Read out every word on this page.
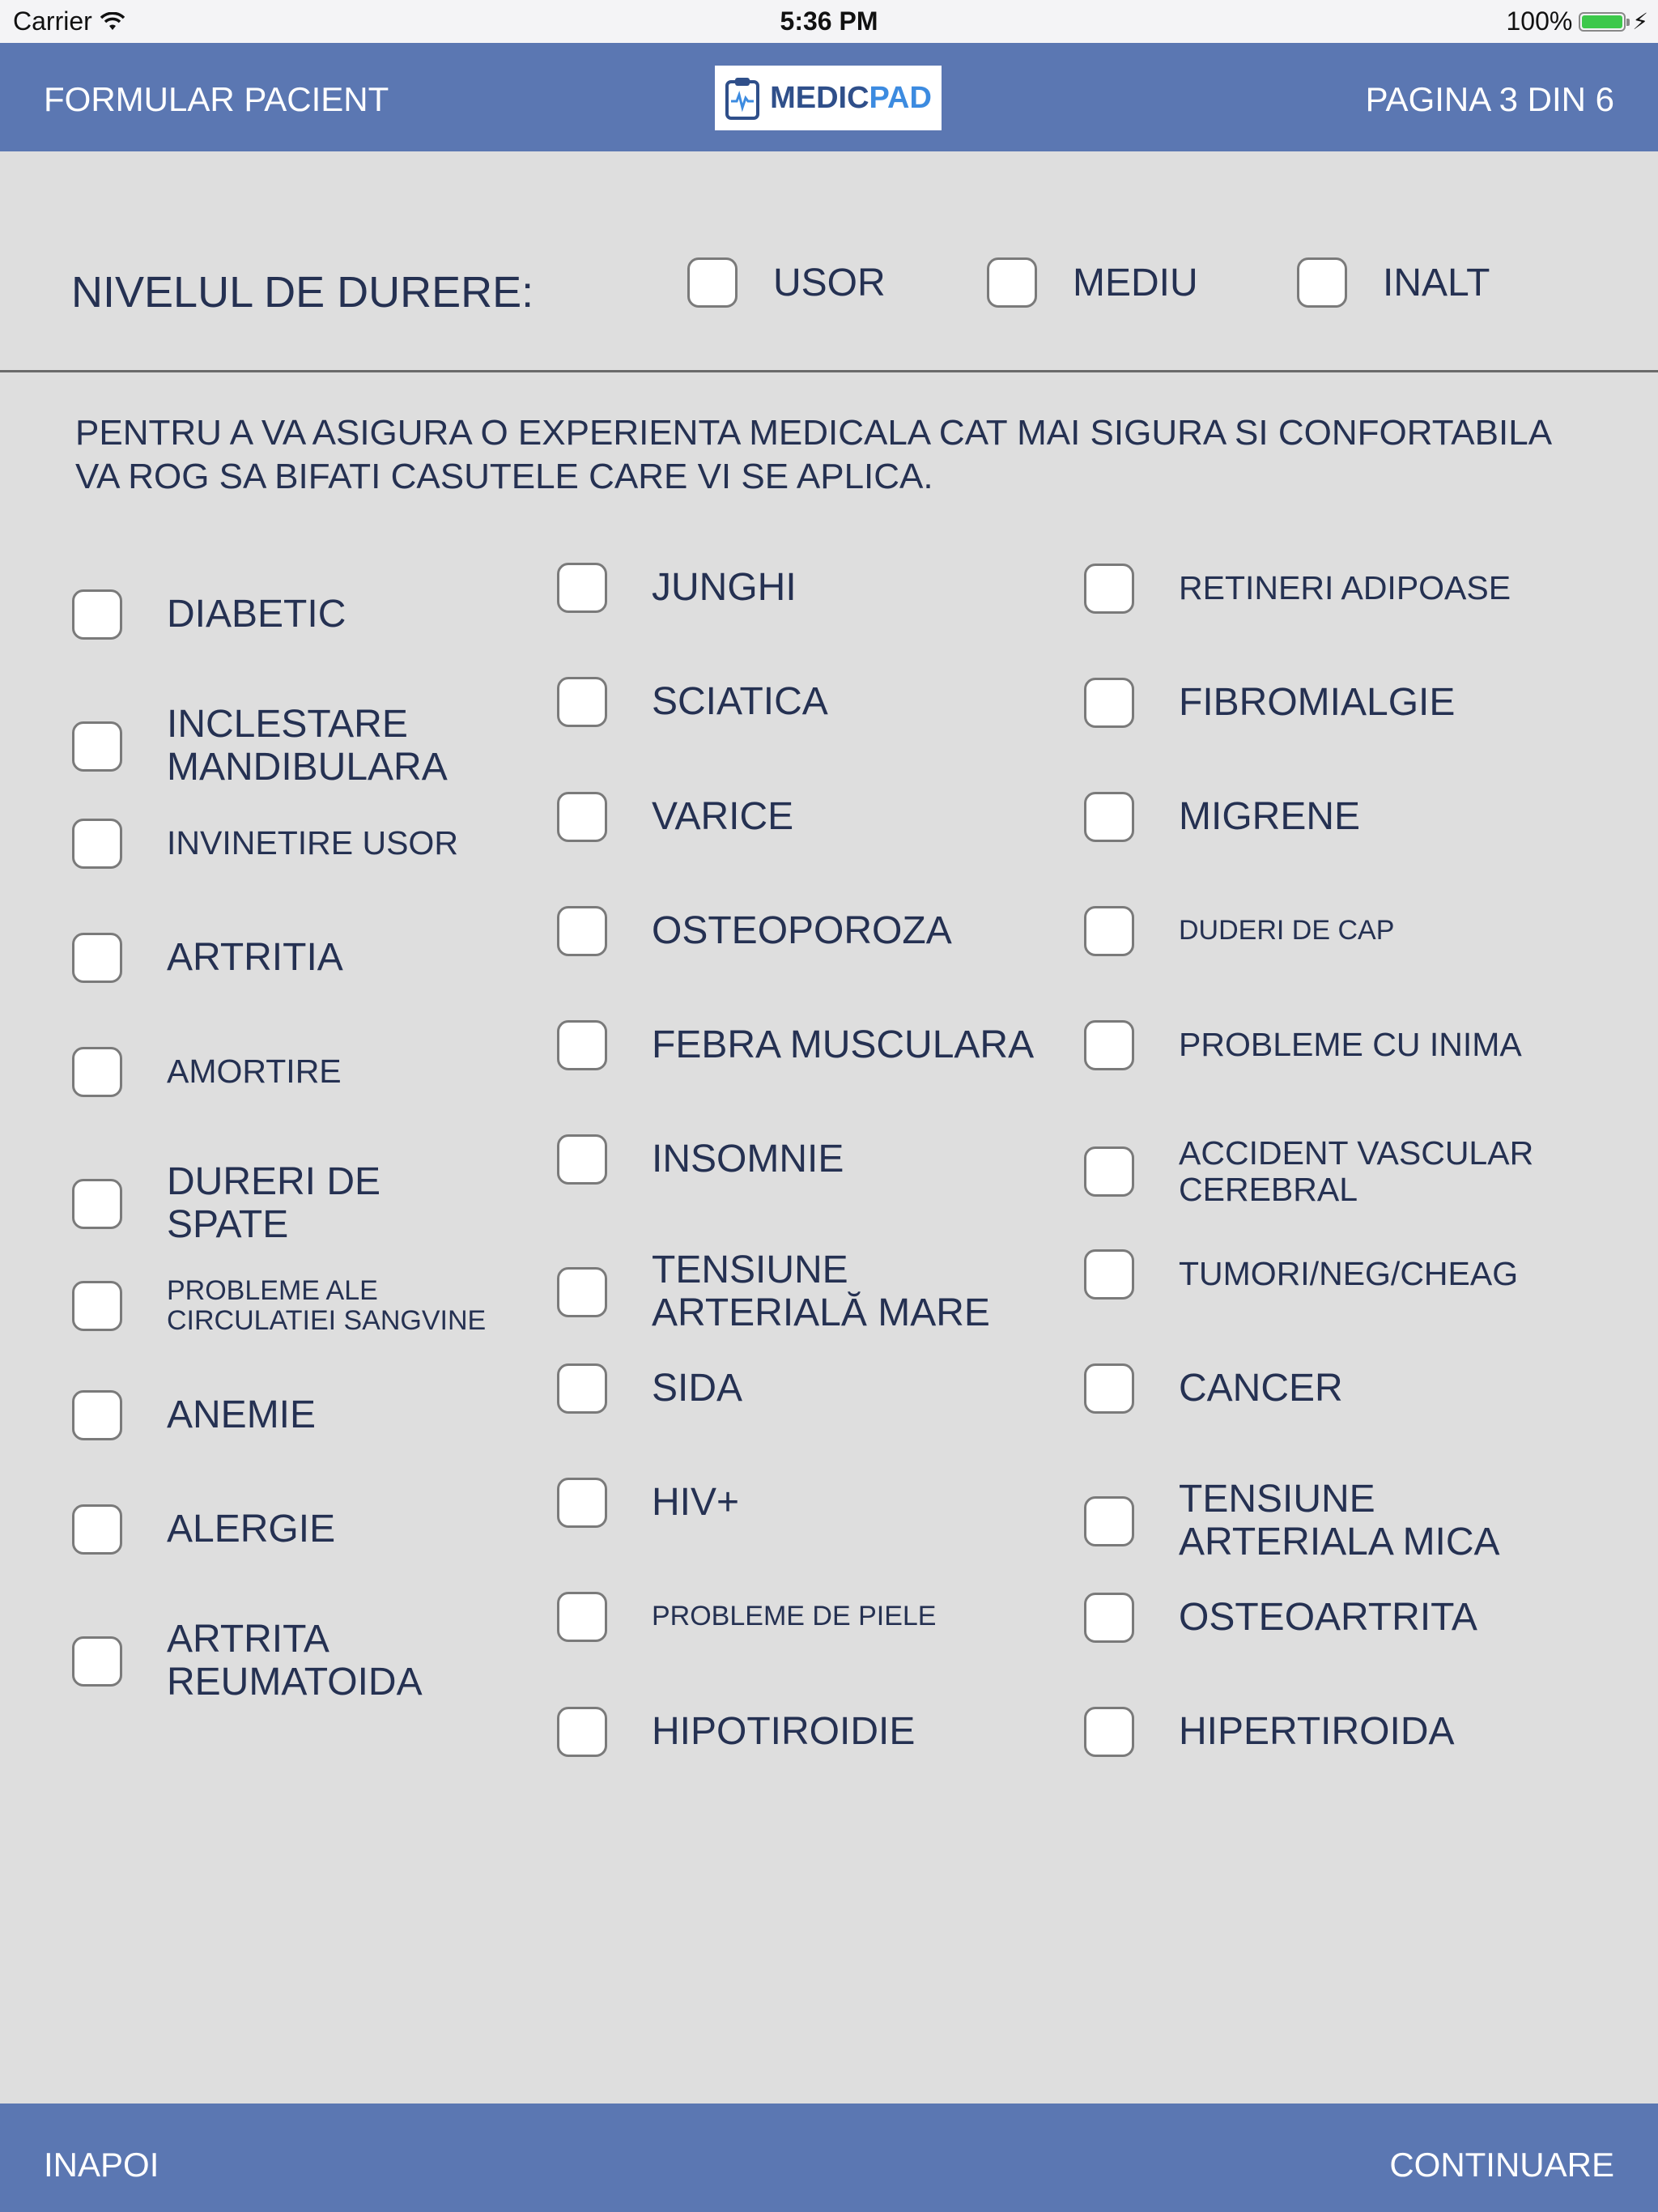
Carrier	5:36 PM	100%	⚡
FORMULAR PACIENT	MEDICPAD	PAGINA 3 DIN 6
NIVELUL DE DURERE:	USOR	MEDIU	INALT
PENTRU A VA ASIGURA O EXPERIENTA MEDICALA CAT MAI SIGURA SI CONFORTABILA VA ROG SA BIFATI CASUTELE CARE VI SE APLICA.
DIABETIC
INCLESTARE MANDIBULARA
INVINETIRE USOR
ARTRITIA
AMORTIRE
DURERI DE SPATE
PROBLEME ALE CIRCULATIEI SANGVINE
ANEMIE
ALERGIE
ARTRITA REUMATOIDA
JUNGHI
SCIATICA
VARICE
OSTEOPOROZA
FEBRA MUSCULARA
INSOMNIE
TENSIUNE ARTERIALĂ MARE
SIDA
HIV+
PROBLEME DE PIELE
HIPOTIROIDIE
RETINERI ADIPOASE
FIBROMIALGIE
MIGRENE
DUDERI DE CAP
PROBLEME CU INIMA
ACCIDENT VASCULAR CEREBRAL
TUMORI/NEG/CHEAG
CANCER
TENSIUNE ARTERIALA MICA
OSTEOARTRITA
HIPERTIROIDA
INAPOI	CONTINUARE
